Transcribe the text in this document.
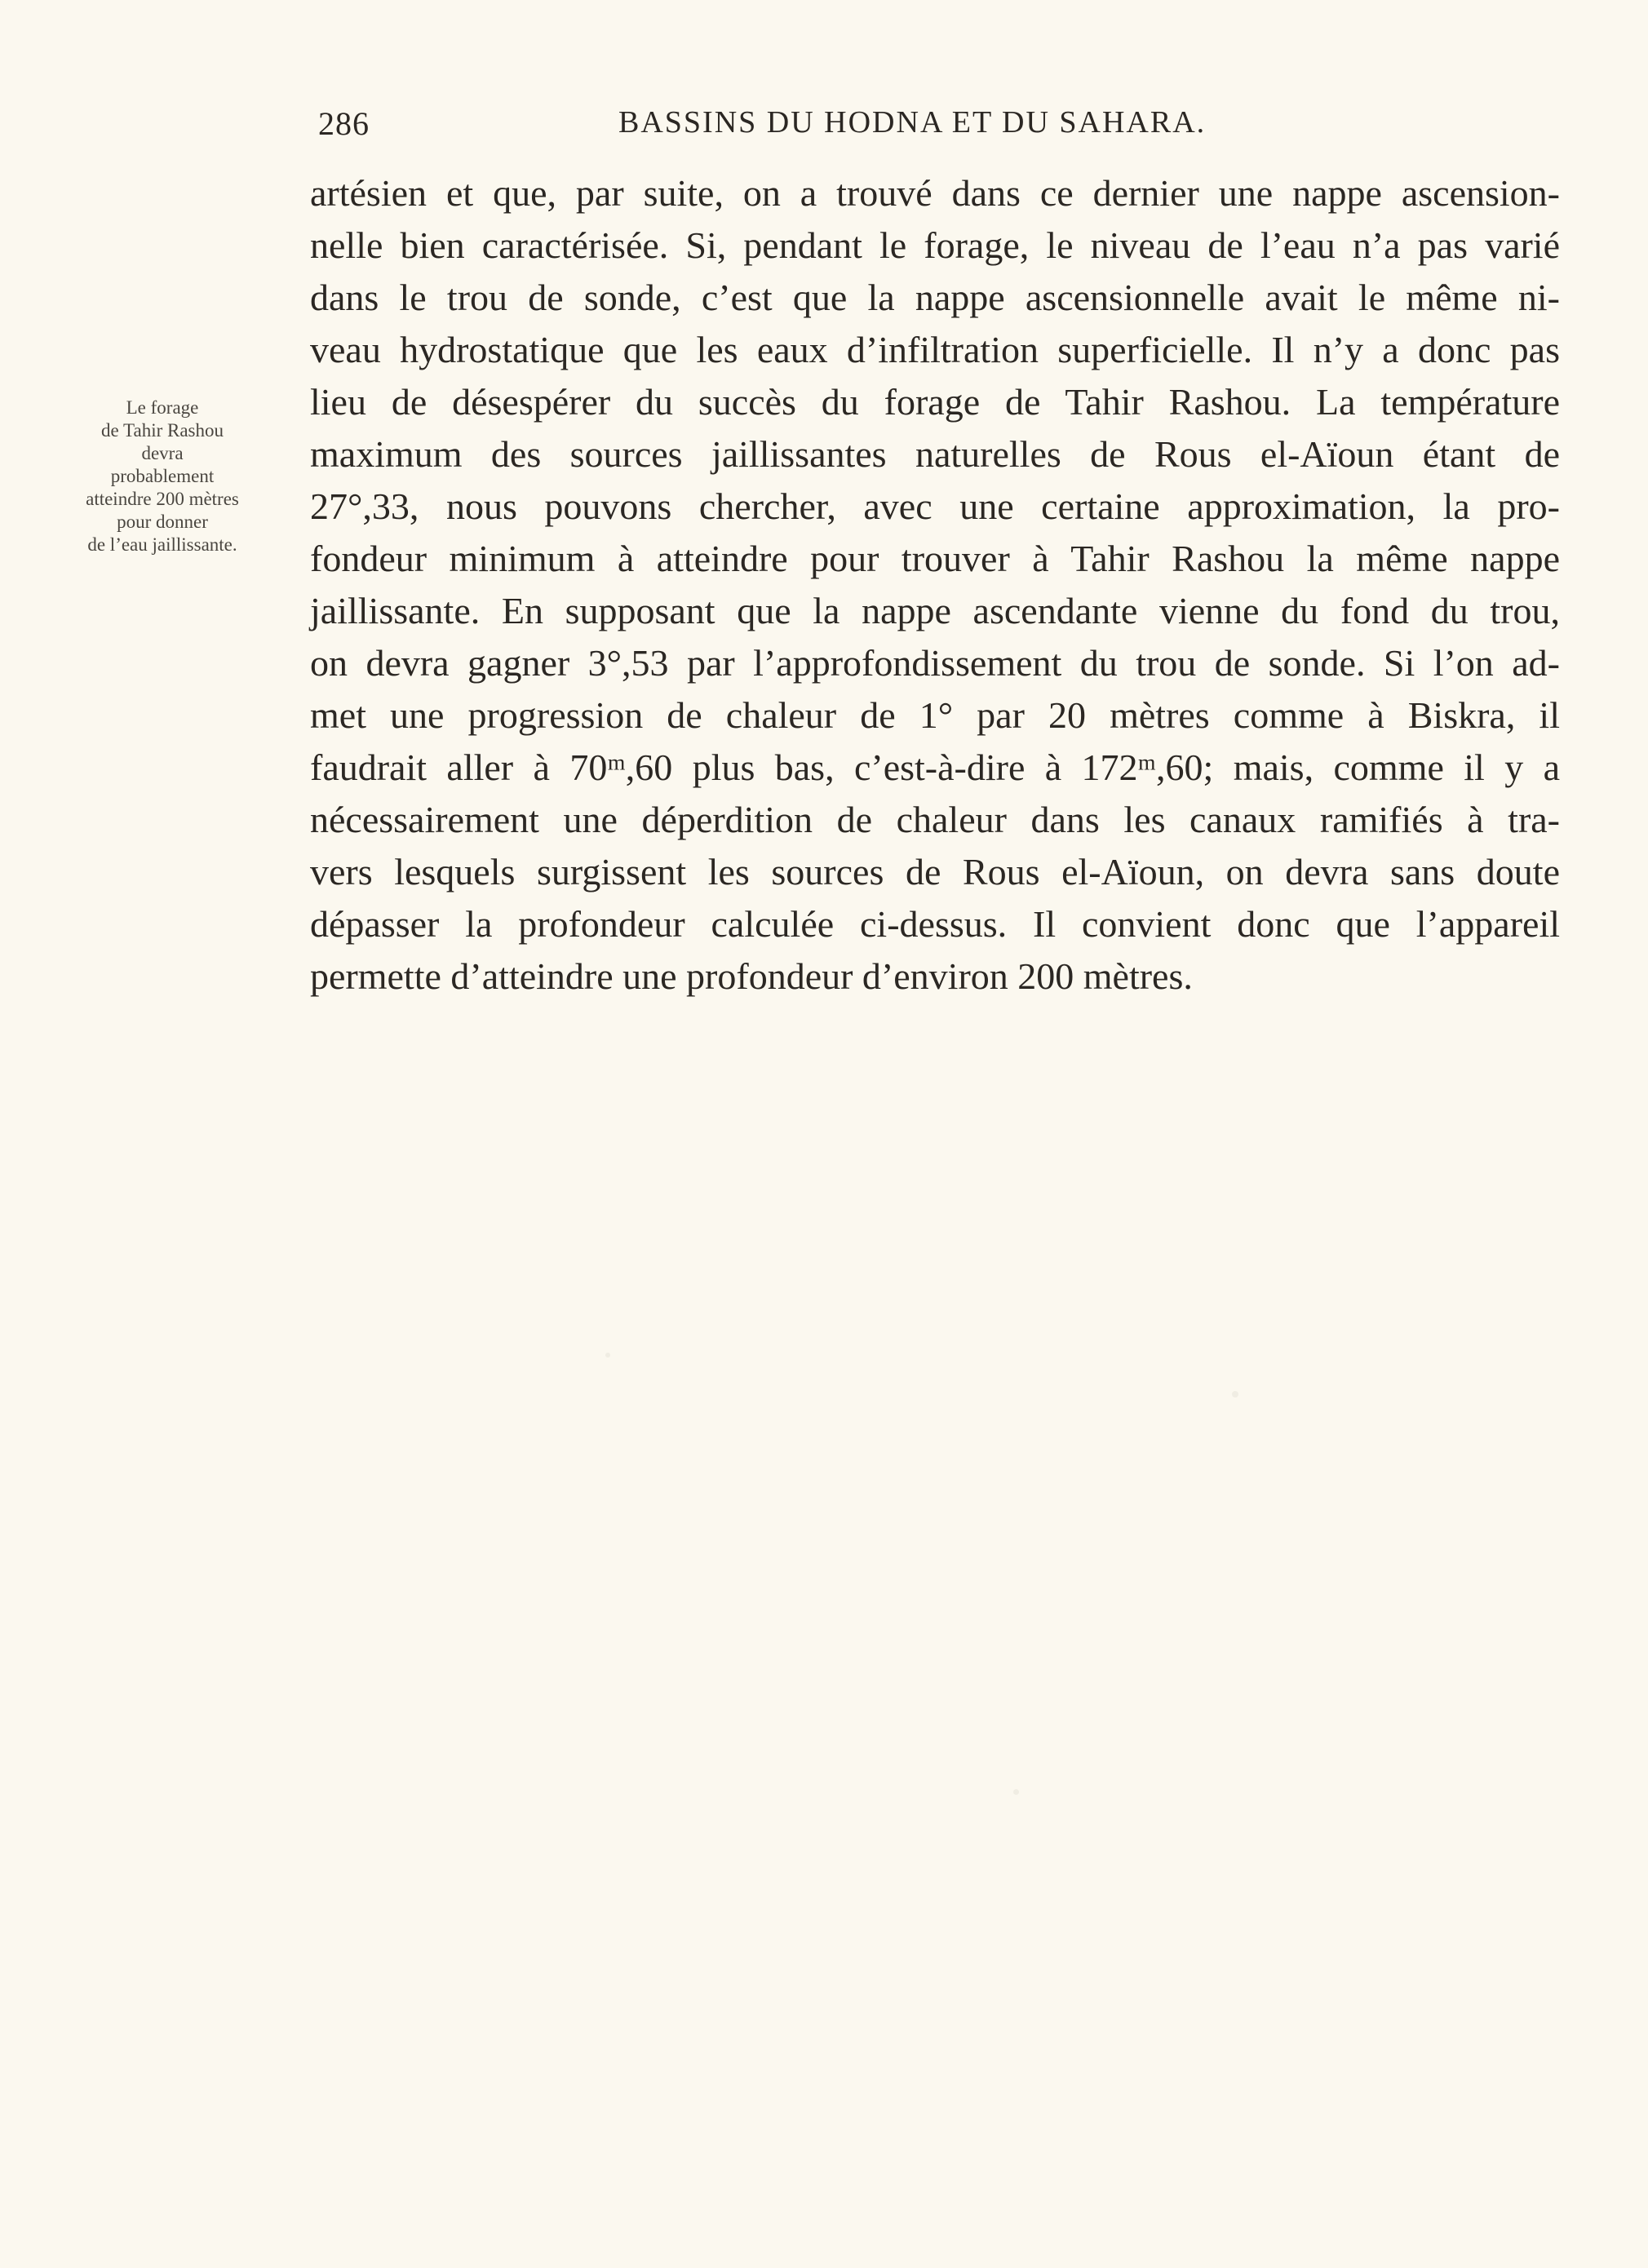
286	BASSINS DU HODNA ET DU SAHARA.
Le forage
de Tahir Rashou
devra
probablement
atteindre 200 mètres
pour donner
de l’eau jaillissante.
artésien et que, par suite, on a trouvé dans ce dernier une nappe ascension-
nelle bien caractérisée. Si, pendant le forage, le niveau de l’eau n’a pas varié
dans le trou de sonde, c’est que la nappe ascensionnelle avait le même ni-
veau hydrostatique que les eaux d’infiltration superficielle. Il n’y a donc pas
lieu de désespérer du succès du forage de Tahir Rashou. La température
maximum des sources jaillissantes naturelles de Rous el-Aïoun étant de
27°,33, nous pouvons chercher, avec une certaine approximation, la pro-
fondeur minimum à atteindre pour trouver à Tahir Rashou la même nappe
jaillissante. En supposant que la nappe ascendante vienne du fond du trou,
on devra gagner 3°,53 par l’approfondissement du trou de sonde. Si l’on ad-
met une progression de chaleur de 1° par 20 mètres comme à Biskra, il
faudrait aller à 70ᵐ,60 plus bas, c’est-à-dire à 172ᵐ,60; mais, comme il y a
nécessairement une déperdition de chaleur dans les canaux ramifiés à tra-
vers lesquels surgissent les sources de Rous el-Aïoun, on devra sans doute
dépasser la profondeur calculée ci-dessus. Il convient donc que l’appareil
permette d’atteindre une profondeur d’environ 200 mètres.
